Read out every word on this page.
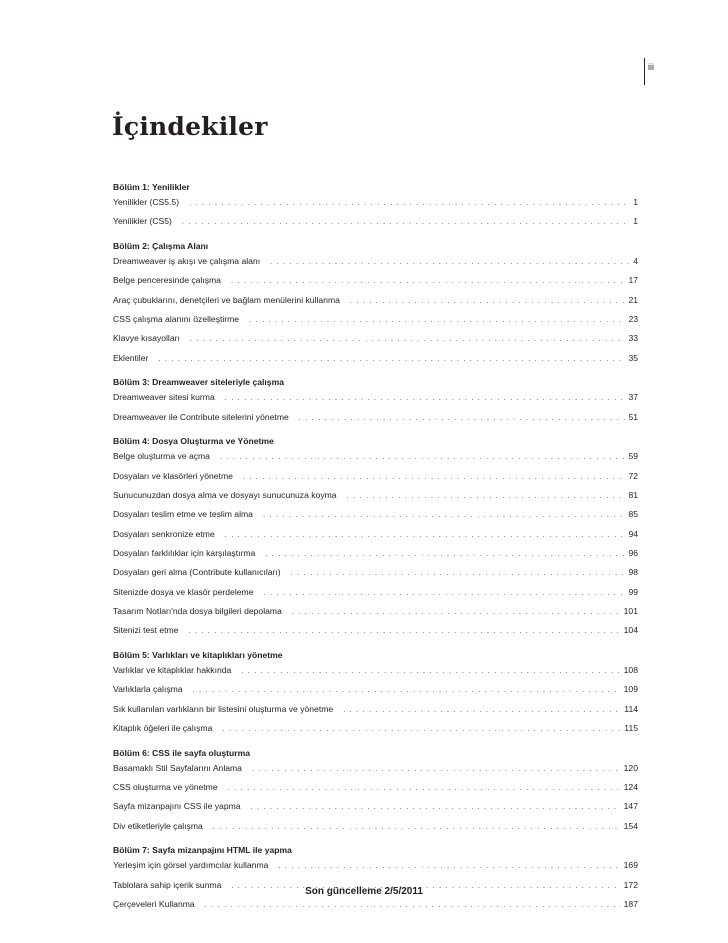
iii
İçindekiler
Bölüm 1: Yenilikler
Yenilikler (CS5.5) . . .	1
Yenilikler (CS5) . . .	1
Bölüm 2: Çalışma Alanı
Dreamweaver iş akışı ve çalışma alanı . . .	4
Belge penceresinde çalışma . . .	17
Araç çubuklarını, denetçileri ve bağlam menülerini kullanma . . .	21
CSS çalışma alanını özelleştirme . . .	23
Klavye kısayolları . . .	33
Eklentiler . . .	35
Bölüm 3: Dreamweaver siteleriyle çalışma
Dreamweaver sitesi kurma . . .	37
Dreamweaver ile Contribute sitelerini yönetme . . .	51
Bölüm 4: Dosya Oluşturma ve Yönetme
Belge oluşturma ve açma . . .	59
Dosyaları ve klasörleri yönetme . . .	72
Sunucunuzdan dosya alma ve dosyayı sunucunuza koyma . . .	81
Dosyaları teslim etme ve teslim alma . . .	85
Dosyaları senkronize etme . . .	94
Dosyaları farklılıklar için karşılaştırma . . .	96
Dosyaları geri alma (Contribute kullanıcıları) . . .	98
Sitenizde dosya ve klasör perdeleme . . .	99
Tasarım Notları'nda dosya bilgileri depolama . . .	101
Sitenizi test etme . . .	104
Bölüm 5: Varlıkları ve kitaplıkları yönetme
Varlıklar ve kitaplıklar hakkında . . .	108
Varlıklarla çalışma . . .	109
Sık kullanılan varlıkların bir listesini oluşturma ve yönetme . . .	114
Kitaplık öğeleri ile çalışma . . .	115
Bölüm 6: CSS ile sayfa oluşturma
Basamaklı Stil Sayfalarını Anlama . . .	120
CSS oluşturma ve yönetme . . .	124
Sayfa mizanpajını CSS ile yapma . . .	147
Div etiketleriyle çalışma . . .	154
Bölüm 7: Sayfa mizanpajını HTML ile yapma
Yerleşim için görsel yardımcılar kullanma . . .	169
Tablolara sahip içerik sunma . . .	172
Çerçeveleri Kullanma . . .	187
Son güncelleme 2/5/2011
